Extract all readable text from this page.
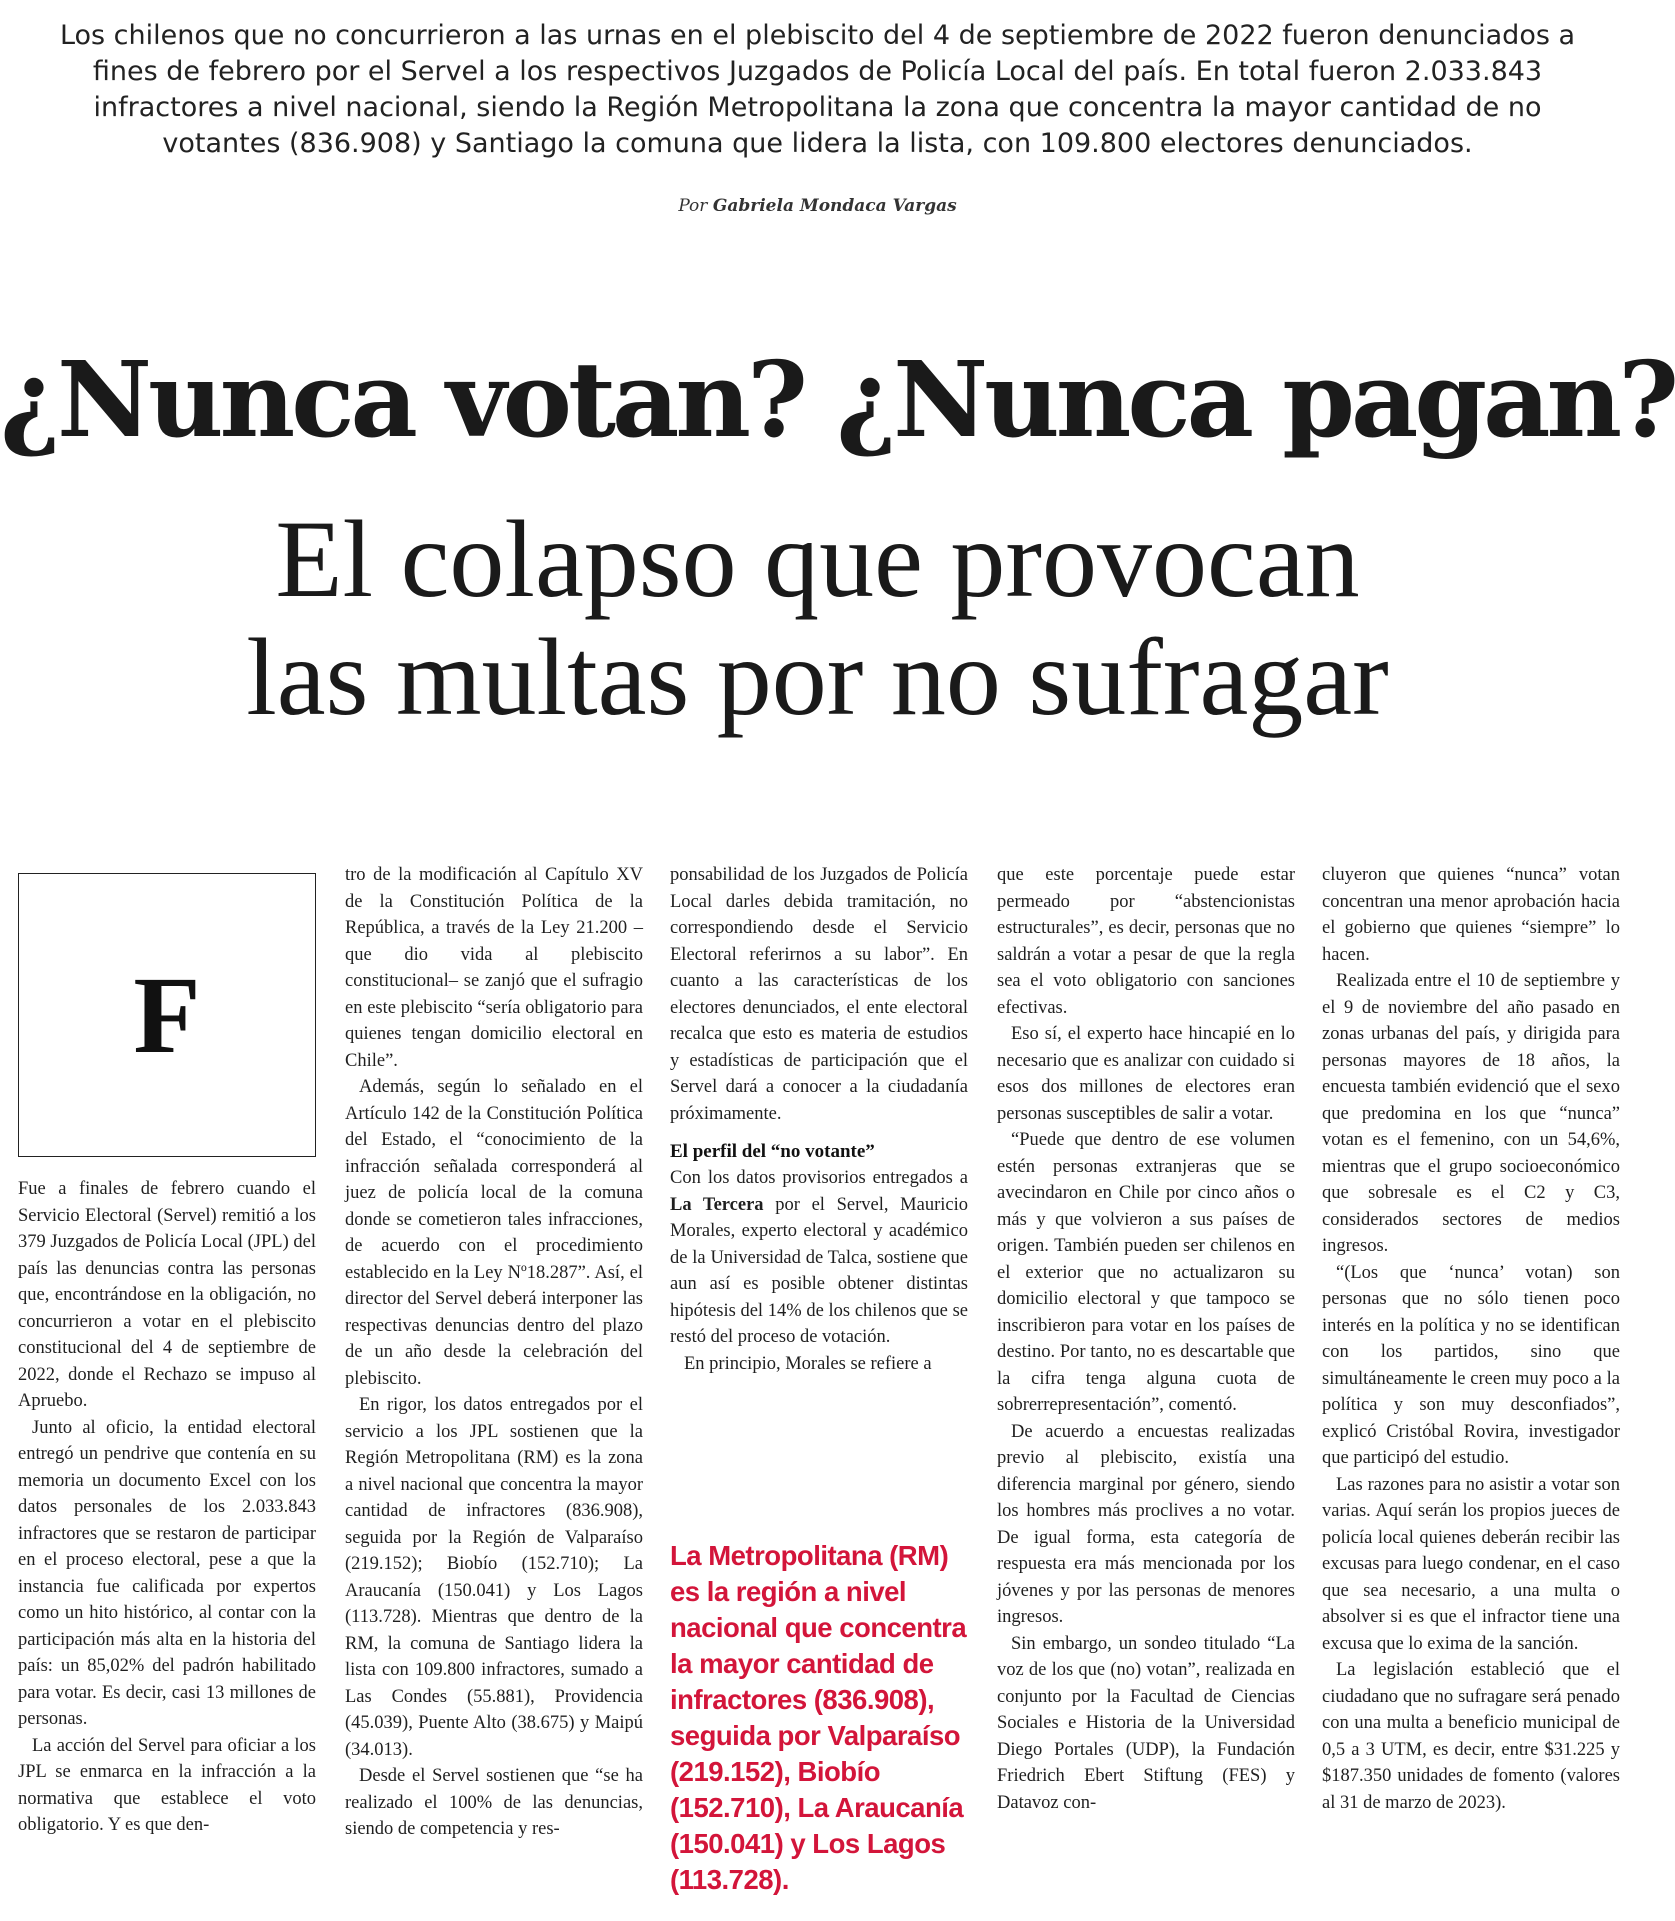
Los chilenos que no concurrieron a las urnas en el plebiscito del 4 de septiembre de 2022 fueron denunciados a fines de febrero por el Servel a los respectivos Juzgados de Policía Local del país. En total fueron 2.033.843 infractores a nivel nacional, siendo la Región Metropolitana la zona que concentra la mayor cantidad de no votantes (836.908) y Santiago la comuna que lidera la lista, con 109.800 electores denunciados.
Por Gabriela Mondaca Vargas
¿Nunca votan? ¿Nunca pagan?
El colapso que provocan
las multas por no sufragar
F

Fue a finales de febrero cuando el Servicio Electoral (Servel) remitió a los 379 Juzgados de Policía Local (JPL) del país las denuncias contra las personas que, encontrándose en la obligación, no concurrieron a votar en el plebiscito constitucional del 4 de septiembre de 2022, donde el Rechazo se impuso al Apruebo.

Junto al oficio, la entidad electoral entregó un pendrive que contenía en su memoria un documento Excel con los datos personales de los 2.033.843 infractores que se restaron de participar en el proceso electoral, pese a que la instancia fue calificada por expertos como un hito histórico, al contar con la participación más alta en la historia del país: un 85,02% del padrón habilitado para votar. Es decir, casi 13 millones de personas.

La acción del Servel para oficiar a los JPL se enmarca en la infracción a la normativa que establece el voto obligatorio. Y es que den-

tro de la modificación al Capítulo XV de la Constitución Política de la República, a través de la Ley 21.200 –que dio vida al plebiscito constitucional– se zanjó que el sufragio en este plebiscito “sería obligatorio para quienes tengan domicilio electoral en Chile”.

Además, según lo señalado en el Artículo 142 de la Constitución Política del Estado, el “conocimiento de la infracción señalada corresponderá al juez de policía local de la comuna donde se cometieron tales infracciones, de acuerdo con el procedimiento establecido en la Ley Nº18.287”. Así, el director del Servel deberá interponer las respectivas denuncias dentro del plazo de un año desde la celebración del plebiscito.

En rigor, los datos entregados por el servicio a los JPL sostienen que la Región Metropolitana (RM) es la zona a nivel nacional que concentra la mayor cantidad de infractores (836.908), seguida por la Región de Valparaíso (219.152); Biobío (152.710); La Araucanía (150.041) y Los Lagos (113.728). Mientras que dentro de la RM, la comuna de Santiago lidera la lista con 109.800 infractores, sumado a Las Condes (55.881), Providencia (45.039), Puente Alto (38.675) y Maipú (34.013).

Desde el Servel sostienen que “se ha realizado el 100% de las denuncias, siendo de competencia y res-

ponsabilidad de los Juzgados de Policía Local darles debida tramitación, no correspondiendo desde el Servicio Electoral referirnos a su labor”. En cuanto a las características de los electores denunciados, el ente electoral recalca que esto es materia de estudios y estadísticas de participación que el Servel dará a conocer a la ciudadanía próximamente.

El perfil del “no votante”

Con los datos provisorios entregados a La Tercera por el Servel, Mauricio Morales, experto electoral y académico de la Universidad de Talca, sostiene que aun así es posible obtener distintas hipótesis del 14% de los chilenos que se restó del proceso de votación.

En principio, Morales se refiere a

La Metropolitana (RM) es la región a nivel nacional que concentra la mayor cantidad de infractores (836.908), seguida por Valparaíso (219.152), Biobío (152.710), La Araucanía (150.041) y Los Lagos (113.728).

que este porcentaje puede estar permeado por “abstencionistas estructurales”, es decir, personas que no saldrán a votar a pesar de que la regla sea el voto obligatorio con sanciones efectivas.

Eso sí, el experto hace hincapié en lo necesario que es analizar con cuidado si esos dos millones de electores eran personas susceptibles de salir a votar.

“Puede que dentro de ese volumen estén personas extranjeras que se avecindaron en Chile por cinco años o más y que volvieron a sus países de origen. También pueden ser chilenos en el exterior que no actualizaron su domicilio electoral y que tampoco se inscribieron para votar en los países de destino. Por tanto, no es descartable que la cifra tenga alguna cuota de sobrerrepresentación”, comentó.

De acuerdo a encuestas realizadas previo al plebiscito, existía una diferencia marginal por género, siendo los hombres más proclives a no votar. De igual forma, esta categoría de respuesta era más mencionada por los jóvenes y por las personas de menores ingresos.

Sin embargo, un sondeo titulado “La voz de los que (no) votan”, realizada en conjunto por la Facultad de Ciencias Sociales e Historia de la Universidad Diego Portales (UDP), la Fundación Friedrich Ebert Stiftung (FES) y Datavoz con-

cluyeron que quienes “nunca” votan concentran una menor aprobación hacia el gobierno que quienes “siempre” lo hacen.

Realizada entre el 10 de septiembre y el 9 de noviembre del año pasado en zonas urbanas del país, y dirigida para personas mayores de 18 años, la encuesta también evidenció que el sexo que predomina en los que “nunca” votan es el femenino, con un 54,6%, mientras que el grupo socioeconómico que sobresale es el C2 y C3, considerados sectores de medios ingresos.

“(Los que ‘nunca’ votan) son personas que no sólo tienen poco interés en la política y no se identifican con los partidos, sino que simultáneamente le creen muy poco a la política y son muy desconfiados”, explicó Cristóbal Rovira, investigador que participó del estudio.

Las razones para no asistir a votar son varias. Aquí serán los propios jueces de policía local quienes deberán recibir las excusas para luego condenar, en el caso que sea necesario, a una multa o absolver si es que el infractor tiene una excusa que lo exima de la sanción.

La legislación estableció que el ciudadano que no sufragare será penado con una multa a beneficio municipal de 0,5 a 3 UTM, es decir, entre $31.225 y $187.350 unidades de fomento (valores al 31 de marzo de 2023).
